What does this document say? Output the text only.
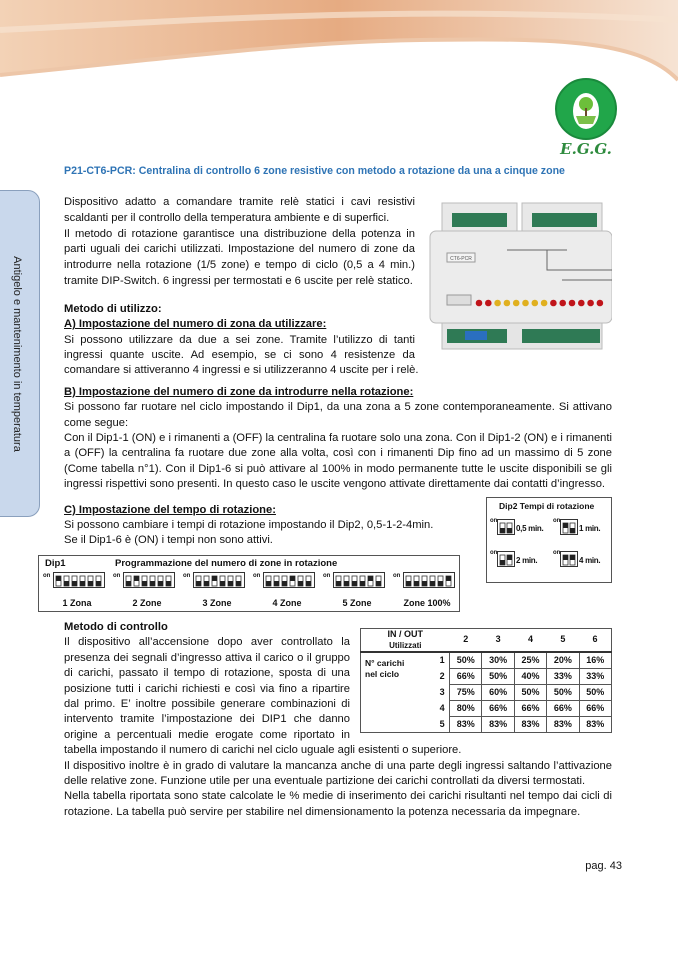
E.G.G.
Antigelo e mantenimento in temperatura
P21-CT6-PCR: Centralina di controllo 6 zone resistive con metodo a rotazione da una a cinque zone
CT6-PCR

Dispositivo adatto a comandare tramite relè statici i cavi resistivi scaldanti per il controllo della temperatura ambiente e di superfici.

Il metodo di rotazione garantisce una distribuzione della potenza in parti uguali dei carichi utilizzati. Impostazione del numero di zone da introdurre nella rotazione (1/5 zone) e tempo di ciclo (0,5 a 4 min.) tramite DIP-Switch. 6 ingressi per termostati e 6 uscite per relè statico.

Metodo di utilizzo:

A) Impostazione del numero di zona da utilizzare:

Si possono utilizzare da due a sei zone. Tramite l’utilizzo di tanti ingressi quante uscite. Ad esempio, se ci sono 4 resistenze da comandare si attiveranno 4 ingressi e si utilizzeranno 4 uscite per i relè.

B) Impostazione del numero di zone da introdurre nella rotazione:

Si possono far ruotare nel ciclo impostando il Dip1, da una zona a 5 zone contemporaneamente. Si attivano come segue:

Con il Dip1-1 (ON) e i rimanenti a (OFF) la centralina fa ruotare solo una zona. Con il Dip1-2 (ON) e i rimanenti a (OFF) la centralina fa ruotare due zone alla volta, così con i rimanenti Dip fino ad un massimo di 5 zone (Come tabella n°1). Con il Dip1-6 si può attivare al 100% in modo permanente tutte le uscite disponibili se gli ingressi rispettivi sono presenti. In questo caso le uscite vengono attivate direttamente dai contatti d’ingresso.

Dip2 Tempi di rotazione
on
0,5 min.
on
1 min.
on
2 min.
on
4 min.

C) Impostazione del tempo di rotazione:

Si possono cambiare i tempi di rotazione impostando il Dip2, 0,5-1-2-4min.

Se il Dip1-6 è (ON) i tempi non sono attivi.

Dip1	Programmazione del numero di zone in rotazione
on
1 Zona
on
2 Zone
on
3 Zone
on
4 Zone
on
5 Zone
on
Zone 100%
IN / OUT
Utilizzati		2	3	4	5	6
N° carichi
nel ciclo	1	50%	30%	25%	20%	16%
	2	66%	50%	40%	33%	33%
	3	75%	60%	50%	50%	50%
	4	80%	66%	66%	66%	66%
	5	83%	83%	83%	83%	83%

Metodo di controllo

Il dispositivo all’accensione dopo aver controllato la presenza dei segnali d’ingresso attiva il carico o il gruppo di carichi, passato il tempo di rotazione, sposta di una posizione tutti i carichi richiesti e così via fino a ripartire dal primo. E’ inoltre possibile generare combinazioni di intervento tramite l’impostazione dei DIP1 che danno origine a percentuali medie erogate come riportato in tabella impostando il numero di carichi nel ciclo uguale agli esistenti o superiore.

Il dispositivo inoltre è in grado di valutare la mancanza anche di una parte degli ingressi saltando l’attivazione delle relative zone. Funzione utile per una eventuale partizione dei carichi controllati da diversi termostati.

Nella tabella riportata sono state calcolate le % medie di inserimento dei carichi risultanti nel tempo dai cicli di rotazione. La tabella può servire per stabilire nel dimensionamento la potenza necessaria da impegnare.

pag. 43
